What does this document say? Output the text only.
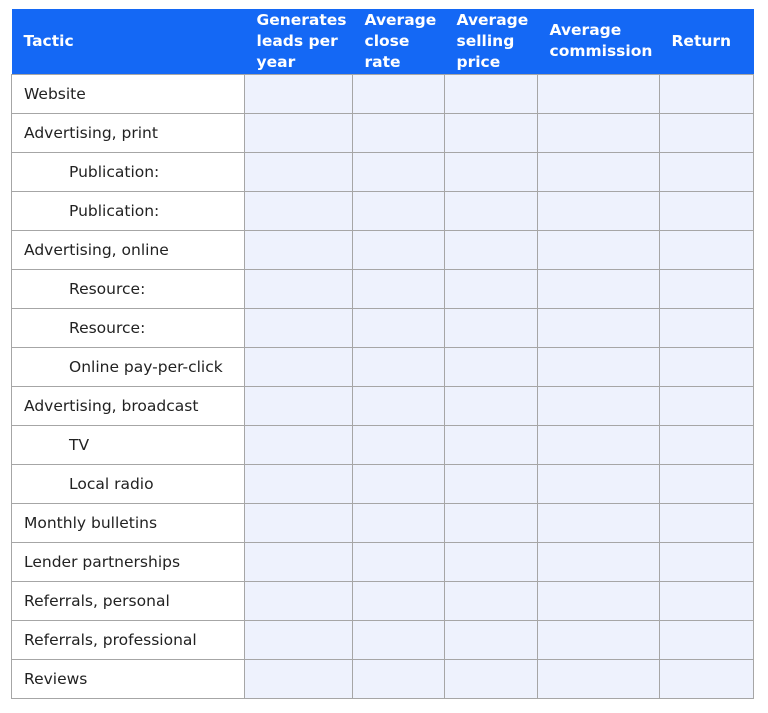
Tactic	Generates leads per year	Average close rate	Average selling price	Average commission	Return
Website					
Advertising, print					
Publication:					
Publication:					
Advertising, online					
Resource:					
Resource:					
Online pay-per-click					
Advertising, broadcast					
TV					
Local radio					
Monthly bulletins					
Lender partnerships					
Referrals, personal					
Referrals, professional					
Reviews					
